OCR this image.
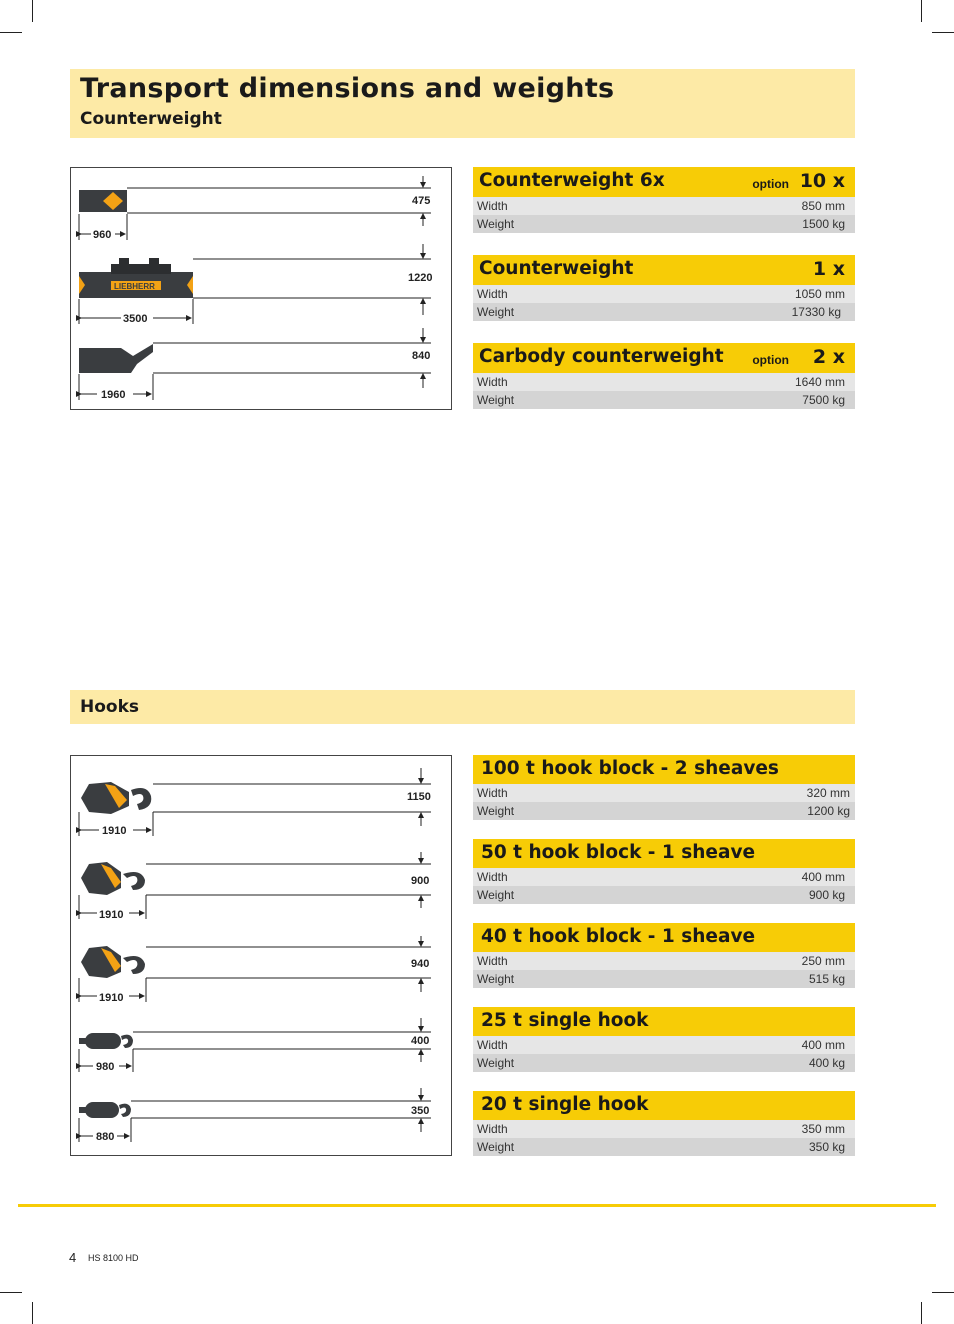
Transport dimensions and weights
Counterweight
475
960
LIEBHERR
1220
3500
840
1960
Counterweight 6x	option 10 x
Width	850 mm
Weight	1500 kg
Counterweight	1 x
Width	1050 mm
Weight	17330 kg
Carbody counterweight option 2 x
Width	1640 mm
Weight	7500 kg
Hooks
1150
1910
900
1910
940
1910
400
980
350
880
100 t hook block - 2 sheaves
Width	320 mm
Weight	1200 kg
50 t hook block - 1 sheave
Width	400 mm
Weight	900 kg
40 t hook block - 1 sheave
Width	250 mm
Weight	515 kg
25 t single hook
Width	400 mm
Weight	400 kg
20 t single hook
Width	350 mm
Weight	350 kg
4 HS 8100 HD
